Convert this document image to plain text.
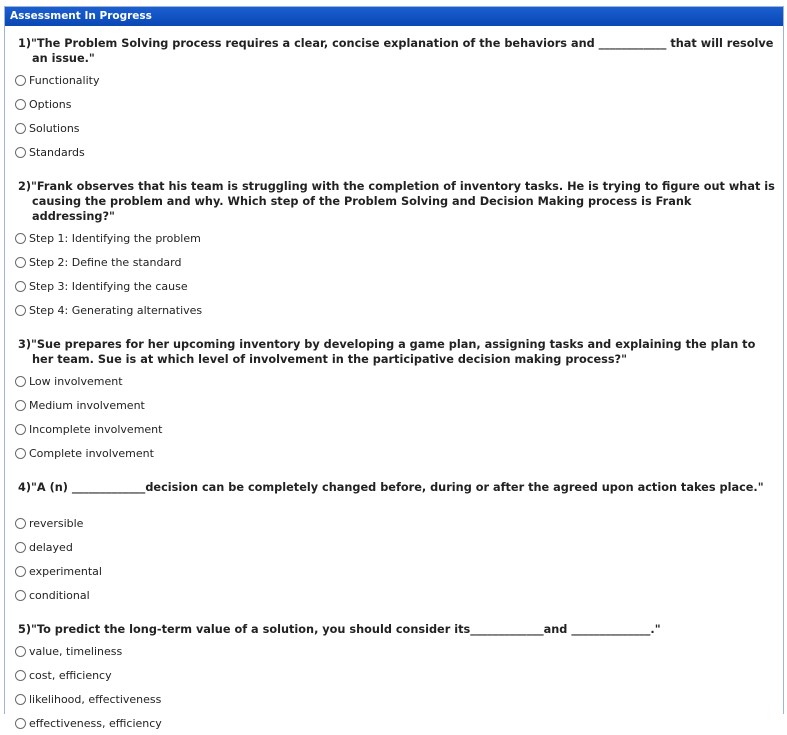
Assessment In Progress
1)"The Problem Solving process requires a clear, concise explanation of the behaviors and ____________ that will resolve an issue."
Functionality
Options
Solutions
Standards
2)"Frank observes that his team is struggling with the completion of inventory tasks. He is trying to figure out what is causing the problem and why. Which step of the Problem Solving and Decision Making process is Frank addressing?"
Step 1: Identifying the problem
Step 2: Define the standard
Step 3: Identifying the cause
Step 4: Generating alternatives
3)"Sue prepares for her upcoming inventory by developing a game plan, assigning tasks and explaining the plan to her team. Sue is at which level of involvement in the participative decision making process?"
Low involvement
Medium involvement
Incomplete involvement
Complete involvement
4)"A (n) _____________decision can be completely changed before, during or after the agreed upon action takes place."
reversible
delayed
experimental
conditional
5)"To predict the long-term value of a solution, you should consider its_____________and ______________."
value, timeliness
cost, efficiency
likelihood, effectiveness
effectiveness, efficiency
